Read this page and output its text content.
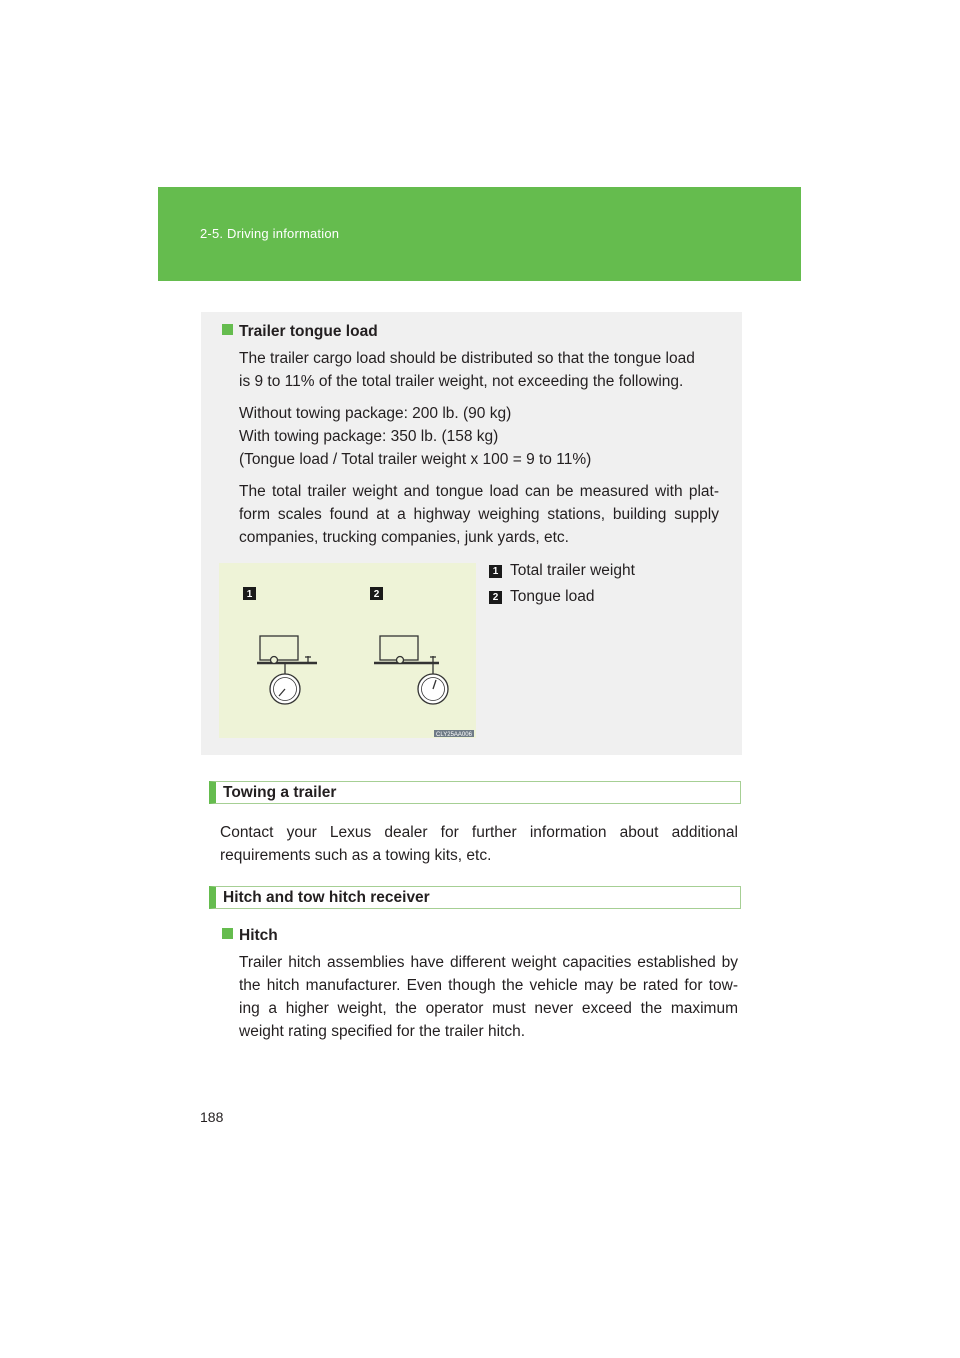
2-5. Driving information
Trailer tongue load
The trailer cargo load should be distributed so that the tongue load
is 9 to 11% of the total trailer weight, not exceeding the following.
Without towing package: 200 lb. (90 kg)
With towing package: 350 lb. (158 kg)
(Tongue load / Total trailer weight x 100 = 9 to 11%)
The total trailer weight and tongue load can be measured with plat-
form scales found at a highway weighing stations, building supply
companies, trucking companies, junk yards, etc.
1	2
CLY25AA006
1 Total trailer weight
2 Tongue load
Towing a trailer
Contact your Lexus dealer for further information about additional
requirements such as a towing kits, etc.
Hitch and tow hitch receiver
Hitch
Trailer hitch assemblies have different weight capacities established by
the hitch manufacturer. Even though the vehicle may be rated for tow-
ing a higher weight, the operator must never exceed the maximum
weight rating specified for the trailer hitch.
188
